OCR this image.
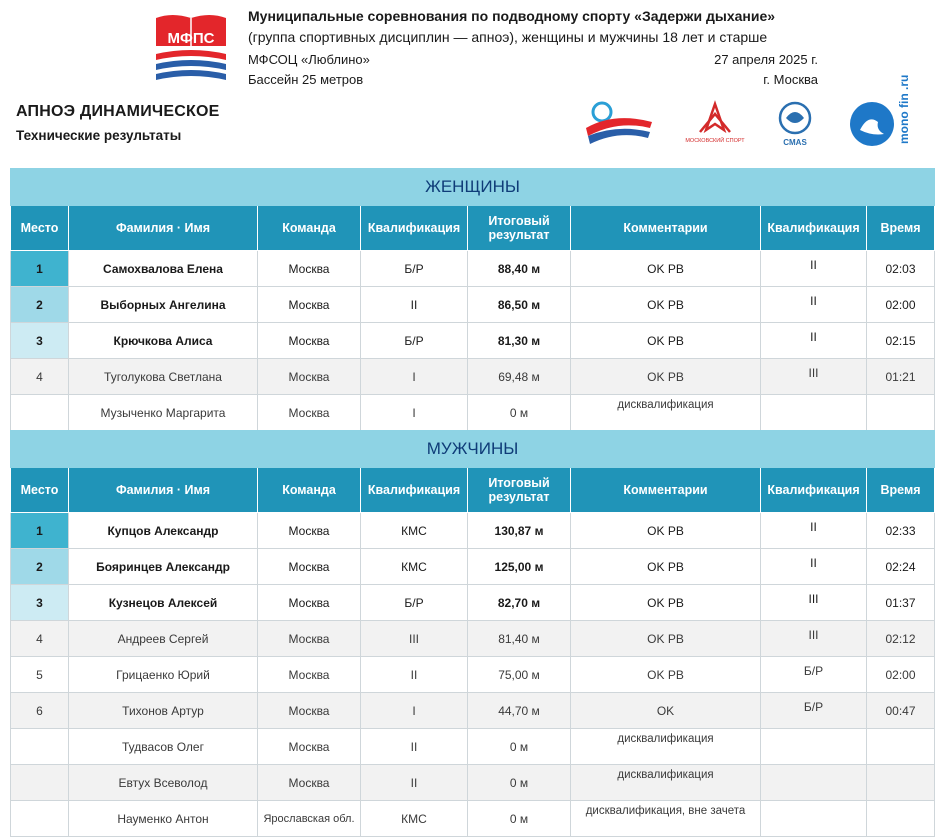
МФПС
Муниципальные соревнования по подводному спорту «Задержи дыхание»
(группа спортивных дисциплин — апноэ), женщины и мужчины 18 лет и старше
МФСОЦ «Люблино»
Бассейн 25 метров
27 апреля 2025 г.
г. Москва
АПНОЭ ДИНАМИЧЕСКОЕ
Технические результаты	МОСКОВСКИЙ СПОРТ	CMAS	mono fin .ru
ЖЕНЩИНЫ							
Место	Фамилия · Имя	Команда	Квалификация	Итоговый результат	Комментарии	Квалификация	Время
1	Самохвалова Елена	Москва	Б/Р	88,40 м	OK PB	II	02:03
2	Выборных Ангелина	Москва	II	86,50 м	OK PB	II	02:00
3	Крючкова Алиса	Москва	Б/Р	81,30 м	OK PB	II	02:15
4	Туголукова Светлана	Москва	I	69,48 м	OK PB	III	01:21
	Музыченко Маргарита	Москва	I	0 м	дисквалификация		
МУЖЧИНЫ							
Место	Фамилия · Имя	Команда	Квалификация	Итоговый результат	Комментарии	Квалификация	Время
1	Купцов Александр	Москва	КМС	130,87 м	OK PB	II	02:33
2	Бояринцев Александр	Москва	КМС	125,00 м	OK PB	II	02:24
3	Кузнецов Алексей	Москва	Б/Р	82,70 м	OK PB	III	01:37
4	Андреев Сергей	Москва	III	81,40 м	OK PB	III	02:12
5	Грицаенко Юрий	Москва	II	75,00 м	OK PB	Б/Р	02:00
6	Тихонов Артур	Москва	I	44,70 м	OK	Б/Р	00:47
	Тудвасов Олег	Москва	II	0 м	дисквалификация		
	Евтух Всеволод	Москва	II	0 м	дисквалификация		
	Науменко Антон	Ярославская обл.	КМС	0 м	дисквалификация, вне зачета		
